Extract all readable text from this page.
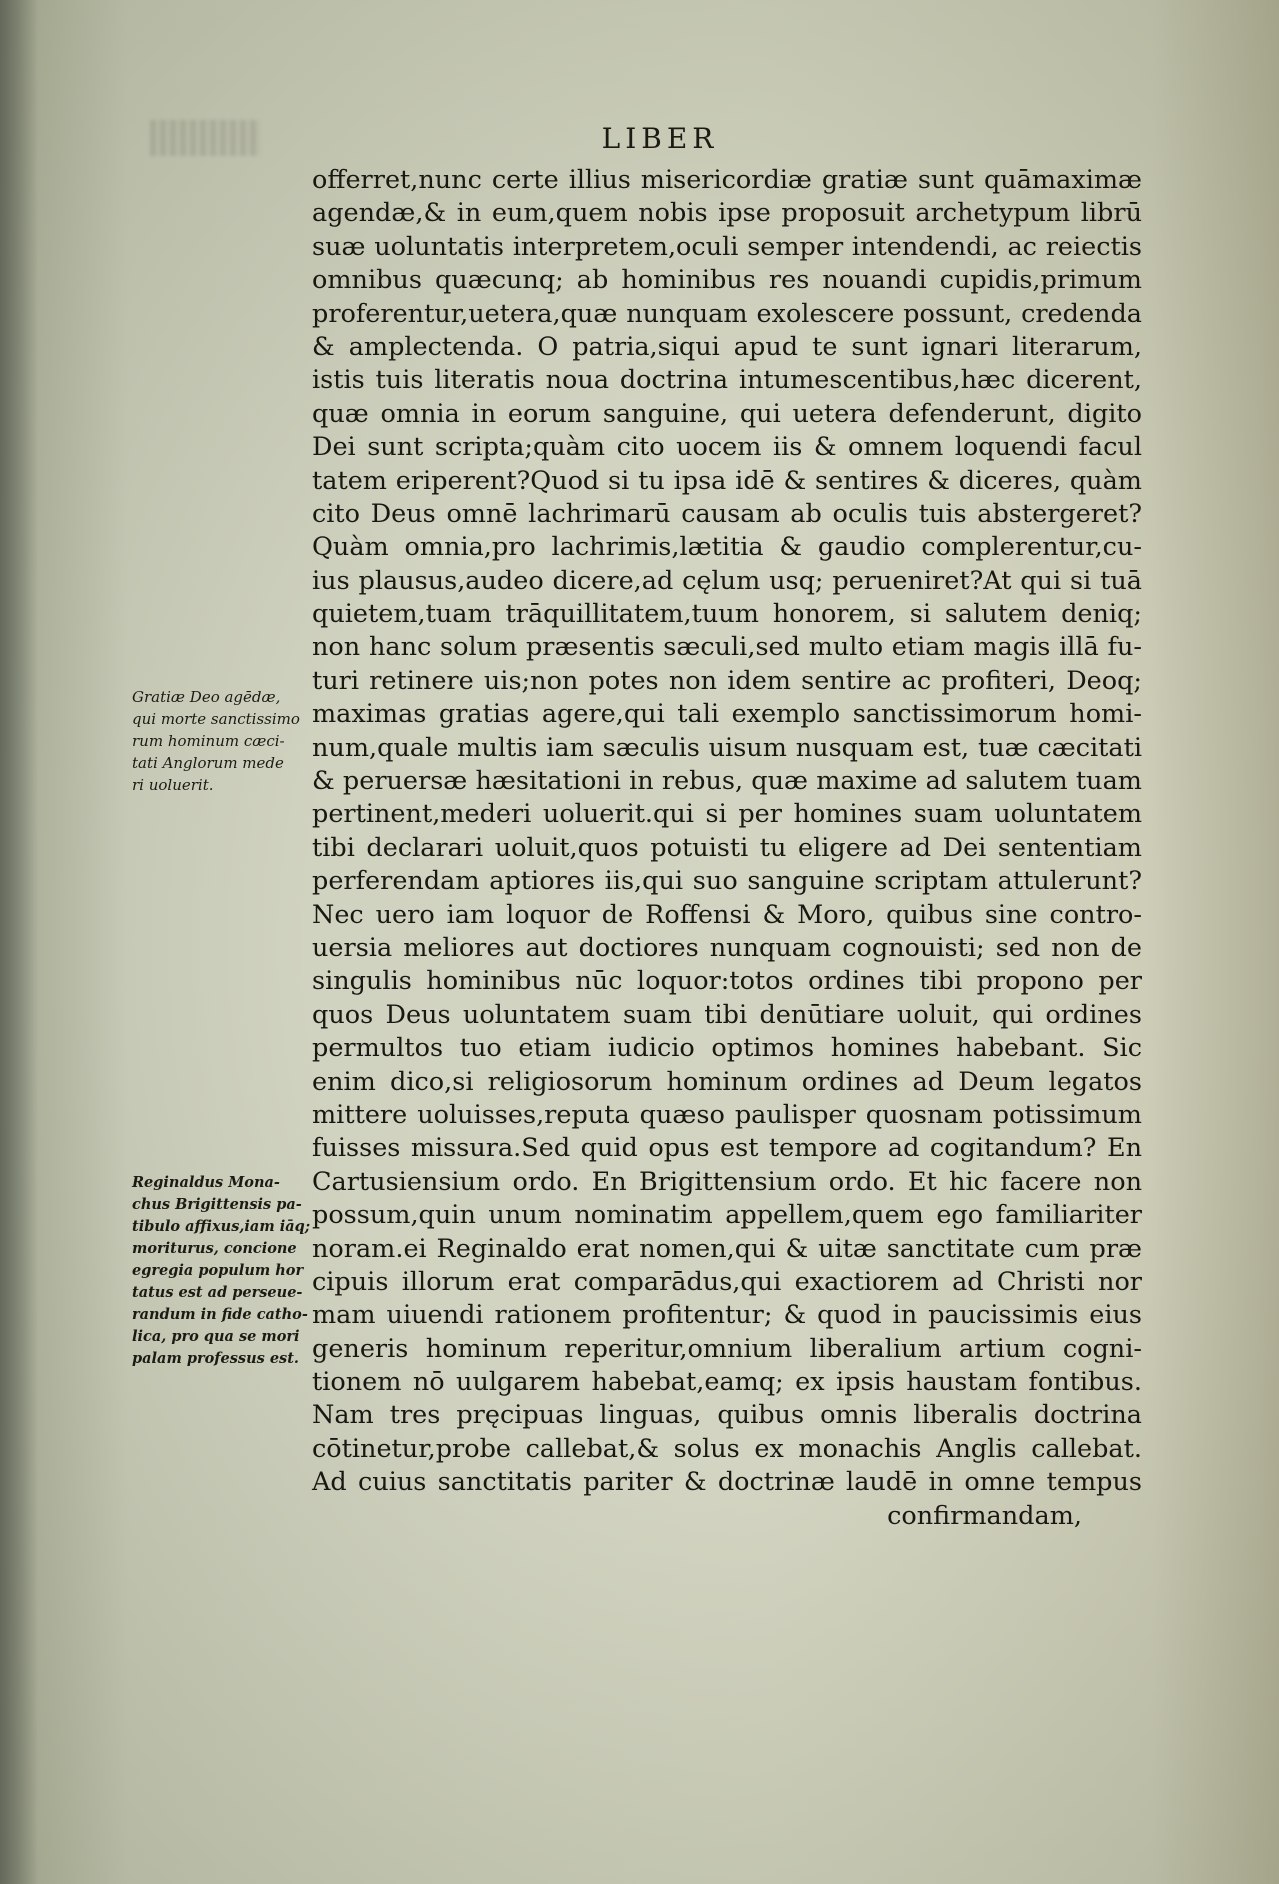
LIBER
offerret,nunc certe illius misericordiæ gratiæ sunt quāmaximæ
agendæ,& in eum,quem nobis ipse proposuit archetypum librū
suæ uoluntatis interpretem,oculi semper intendendi, ac reiectis
omnibus quæcunq; ab hominibus res nouandi cupidis,primum
proferentur,uetera,quæ nunquam exolescere possunt, credenda
& amplectenda. O patria,siqui apud te sunt ignari literarum,
istis tuis literatis noua doctrina intumescentibus,hæc dicerent,
quæ omnia in eorum sanguine, qui uetera defenderunt, digito
Dei sunt scripta;quàm cito uocem iis & omnem loquendi facul
tatem eriperent?Quod si tu ipsa idē & sentires & diceres, quàm
cito Deus omnē lachrimarū causam ab oculis tuis abstergeret?
Quàm omnia,pro lachrimis,lætitia & gaudio complerentur,cu-
ius plausus,audeo dicere,ad cęlum usq; perueniret?At qui si tuā
quietem,tuam trāquillitatem,tuum honorem, si salutem deniq;
non hanc solum præsentis sæculi,sed multo etiam magis illā fu-
turi retinere uis;non potes non idem sentire ac profiteri, Deoq;
maximas gratias agere,qui tali exemplo sanctissimorum homi-
num,quale multis iam sæculis uisum nusquam est, tuæ cæcitati
& peruersæ hæsitationi in rebus, quæ maxime ad salutem tuam
pertinent,mederi uoluerit.qui si per homines suam uoluntatem
tibi declarari uoluit,quos potuisti tu eligere ad Dei sententiam
perferendam aptiores iis,qui suo sanguine scriptam attulerunt?
Nec uero iam loquor de Roffensi & Moro, quibus sine contro-
uersia meliores aut doctiores nunquam cognouisti; sed non de
singulis hominibus nūc loquor:totos ordines tibi propono per
quos Deus uoluntatem suam tibi denūtiare uoluit, qui ordines
permultos tuo etiam iudicio optimos homines habebant. Sic
enim dico,si religiosorum hominum ordines ad Deum legatos
mittere uoluisses,reputa quæso paulisper quosnam potissimum
fuisses missura.Sed quid opus est tempore ad cogitandum? En
Cartusiensium ordo. En Brigittensium ordo. Et hic facere non
possum,quin unum nominatim appellem,quem ego familiariter
noram.ei Reginaldo erat nomen,qui & uitæ sanctitate cum præ
cipuis illorum erat comparādus,qui exactiorem ad Christi nor
mam uiuendi rationem profitentur; & quod in paucissimis eius
generis hominum reperitur,omnium liberalium artium cogni-
tionem nō uulgarem habebat,eamq; ex ipsis haustam fontibus.
Nam tres pręcipuas linguas, quibus omnis liberalis doctrina
cōtinetur,probe callebat,& solus ex monachis Anglis callebat.
Ad cuius sanctitatis pariter & doctrinæ laudē in omne tempus
confirmandam,
Gratiæ Deo agēdæ,
qui morte sanctissimo
rum hominum cæci-
tati Anglorum mede
ri uoluerit.
Reginaldus Mona-
chus Brigittensis pa-
tibulo affixus,iam iāq;
moriturus, concione
egregia populum hor
tatus est ad perseue-
randum in fide catho-
lica, pro qua se mori
palam professus est.
